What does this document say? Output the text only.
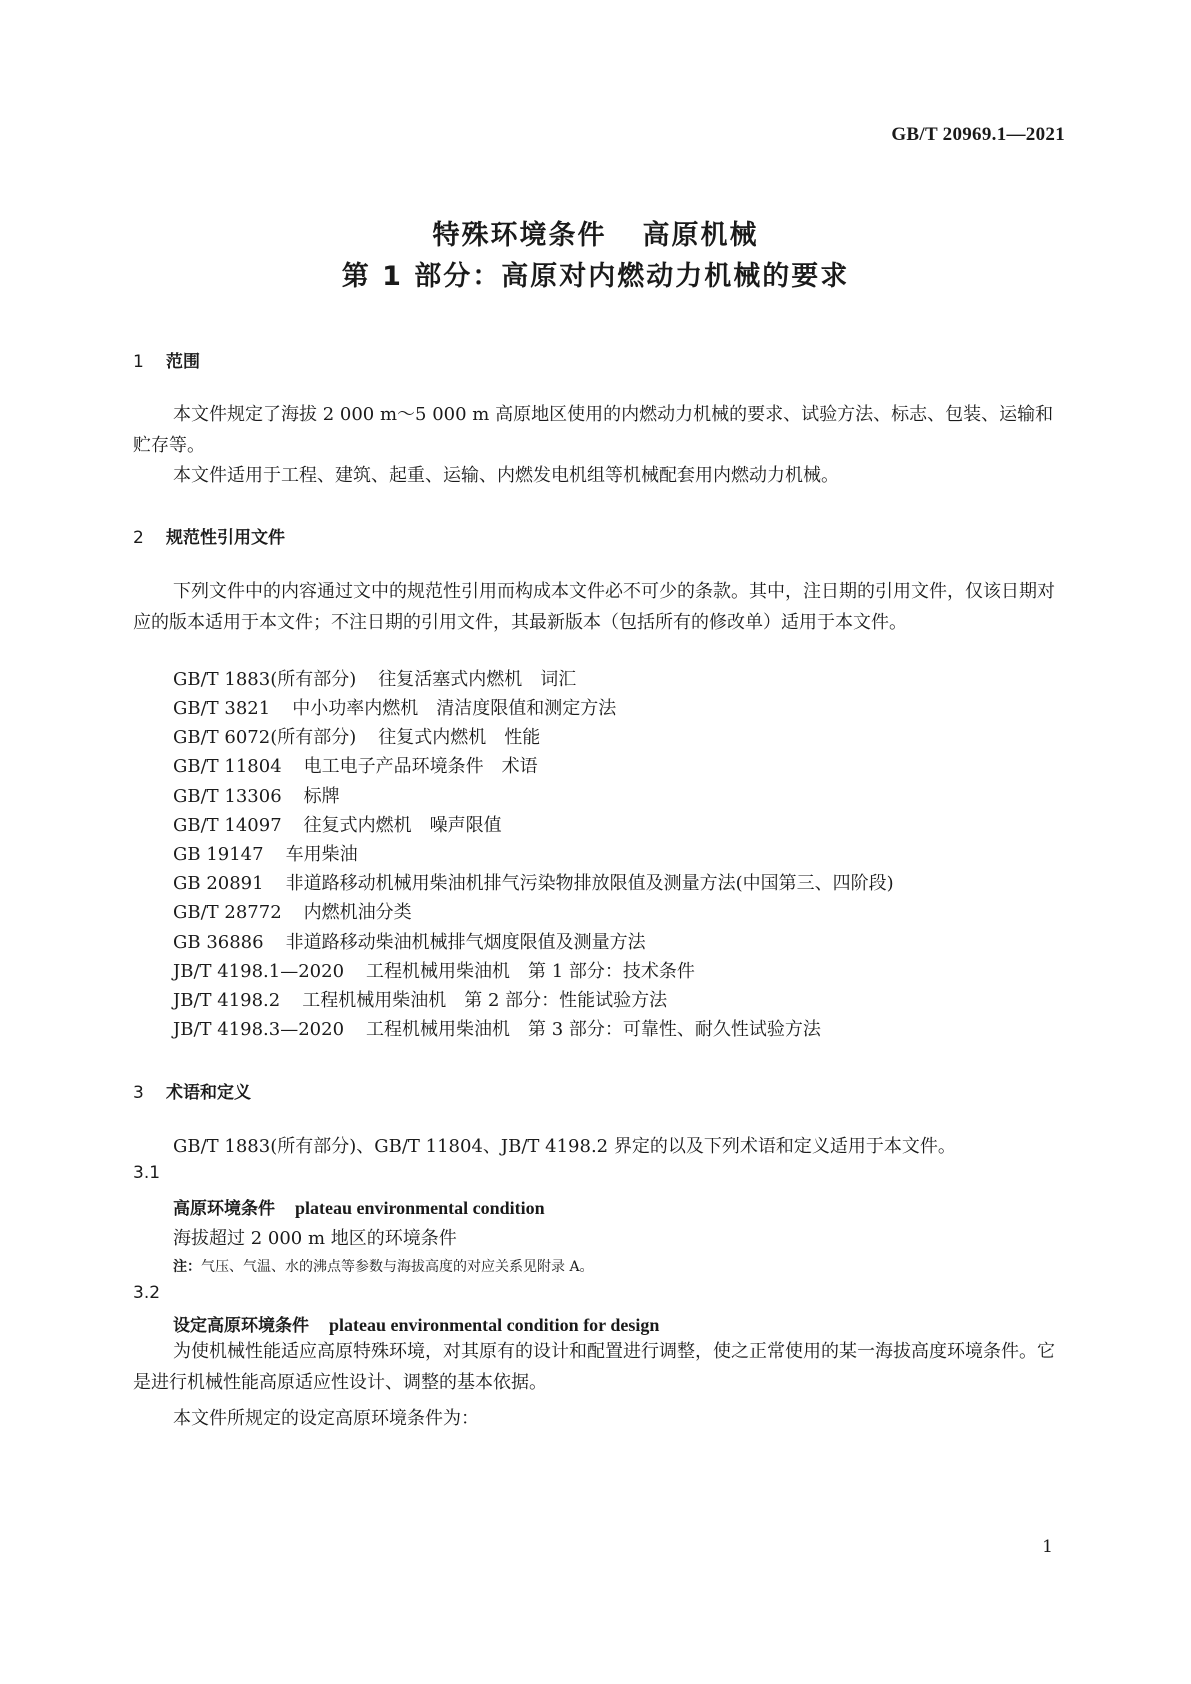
GB/T 20969.1—2021
特殊环境条件 高原机械
第 1 部分：高原对内燃动力机械的要求
1 范围
本文件规定了海拔 2 000 m～5 000 m 高原地区使用的内燃动力机械的要求、试验方法、标志、包装、运输和贮存等。
本文件适用于工程、建筑、起重、运输、内燃发电机组等机械配套用内燃动力机械。
2 规范性引用文件
下列文件中的内容通过文中的规范性引用而构成本文件必不可少的条款。其中，注日期的引用文件，仅该日期对应的版本适用于本文件；不注日期的引用文件，其最新版本（包括所有的修改单）适用于本文件。
GB/T 1883(所有部分) 往复活塞式内燃机　词汇
GB/T 3821 中小功率内燃机　清洁度限值和测定方法
GB/T 6072(所有部分) 往复式内燃机　性能
GB/T 11804 电工电子产品环境条件　术语
GB/T 13306 标牌
GB/T 14097 往复式内燃机　噪声限值
GB 19147 车用柴油
GB 20891 非道路移动机械用柴油机排气污染物排放限值及测量方法(中国第三、四阶段)
GB/T 28772 内燃机油分类
GB 36886 非道路移动柴油机械排气烟度限值及测量方法
JB/T 4198.1—2020 工程机械用柴油机　第 1 部分：技术条件
JB/T 4198.2 工程机械用柴油机　第 2 部分：性能试验方法
JB/T 4198.3—2020 工程机械用柴油机　第 3 部分：可靠性、耐久性试验方法
3 术语和定义
GB/T 1883(所有部分)、GB/T 11804、JB/T 4198.2 界定的以及下列术语和定义适用于本文件。
3.1
高原环境条件 plateau environmental condition
海拔超过 2 000 m 地区的环境条件
注：气压、气温、水的沸点等参数与海拔高度的对应关系见附录 A。
3.2
设定高原环境条件 plateau environmental condition for design
为使机械性能适应高原特殊环境，对其原有的设计和配置进行调整，使之正常使用的某一海拔高度环境条件。它是进行机械性能高原适应性设计、调整的基本依据。
本文件所规定的设定高原环境条件为：
1
